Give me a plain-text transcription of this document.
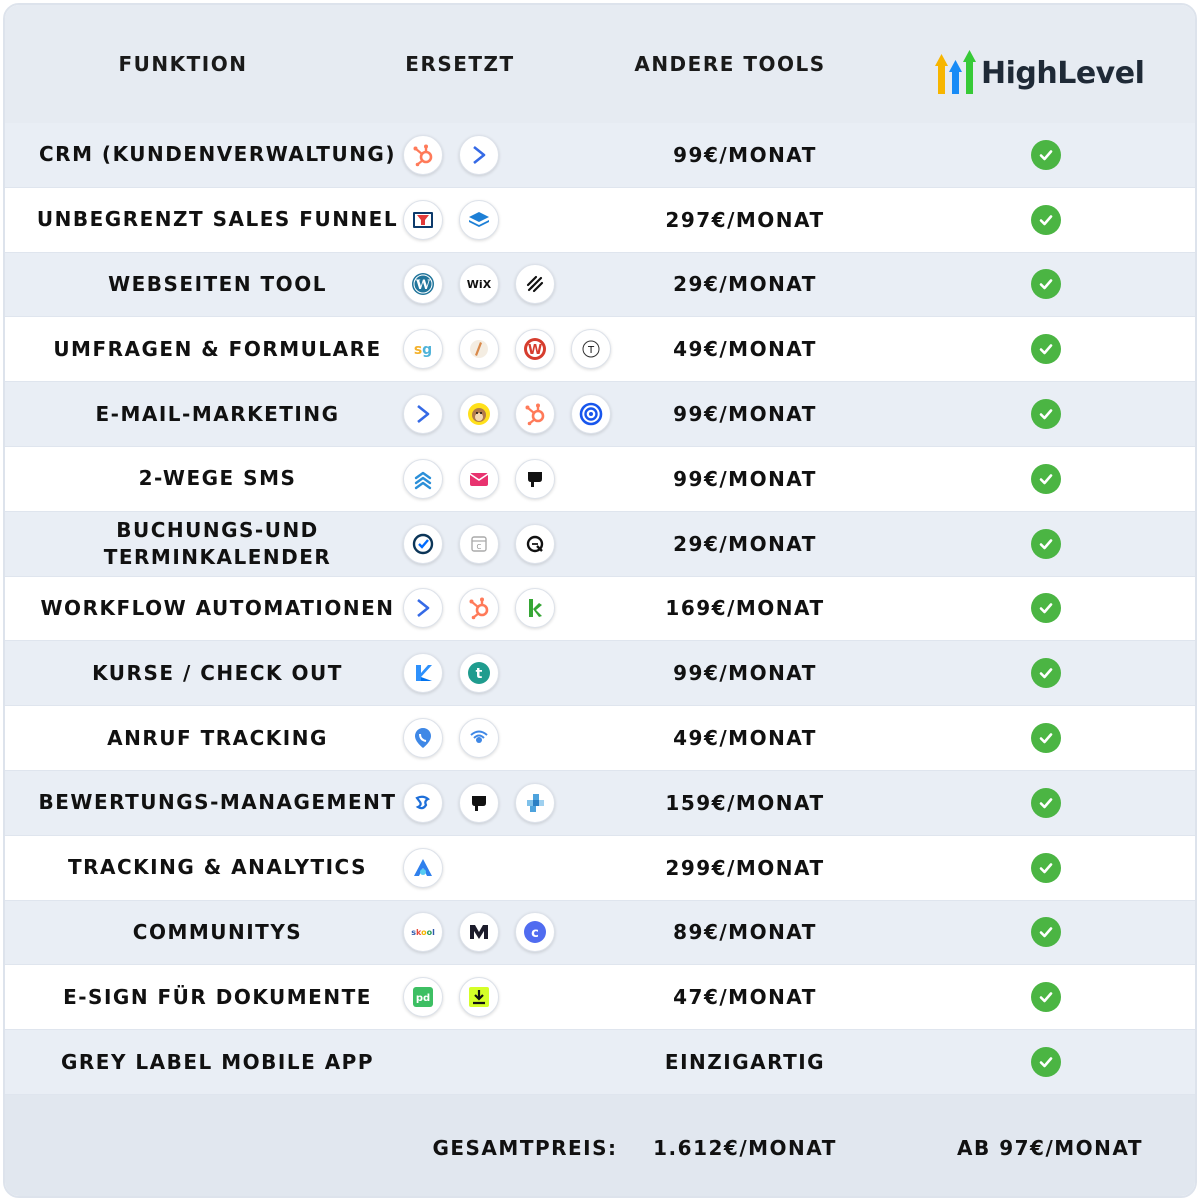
FUNKTION	ERSETZT	ANDERE TOOLS	HighLevel
CRM (KUNDENVERWALTUNG)	99€/MONAT
UNBEGRENZT SALES FUNNEL	297€/MONAT
WEBSEITEN TOOL	W	WiX	29€/MONAT
UMFRAGEN & FORMULARE	sg	W	T	49€/MONAT
E-MAIL-MARKETING	99€/MONAT
2-WEGE SMS	99€/MONAT
BUCHUNGS-UND TERMINKALENDER	C	29€/MONAT
WORKFLOW AUTOMATIONEN	169€/MONAT
KURSE / CHECK OUT	t	99€/MONAT
ANRUF TRACKING	49€/MONAT
BEWERTUNGS-MANAGEMENT	159€/MONAT
TRACKING & ANALYTICS	299€/MONAT
COMMUNITYS	skool	c	89€/MONAT
E-SIGN FÜR DOKUMENTE	pd	47€/MONAT
GREY LABEL MOBILE APP	EINZIGARTIG
GESAMTPREIS:	1.612€/MONAT	AB 97€/MONAT
